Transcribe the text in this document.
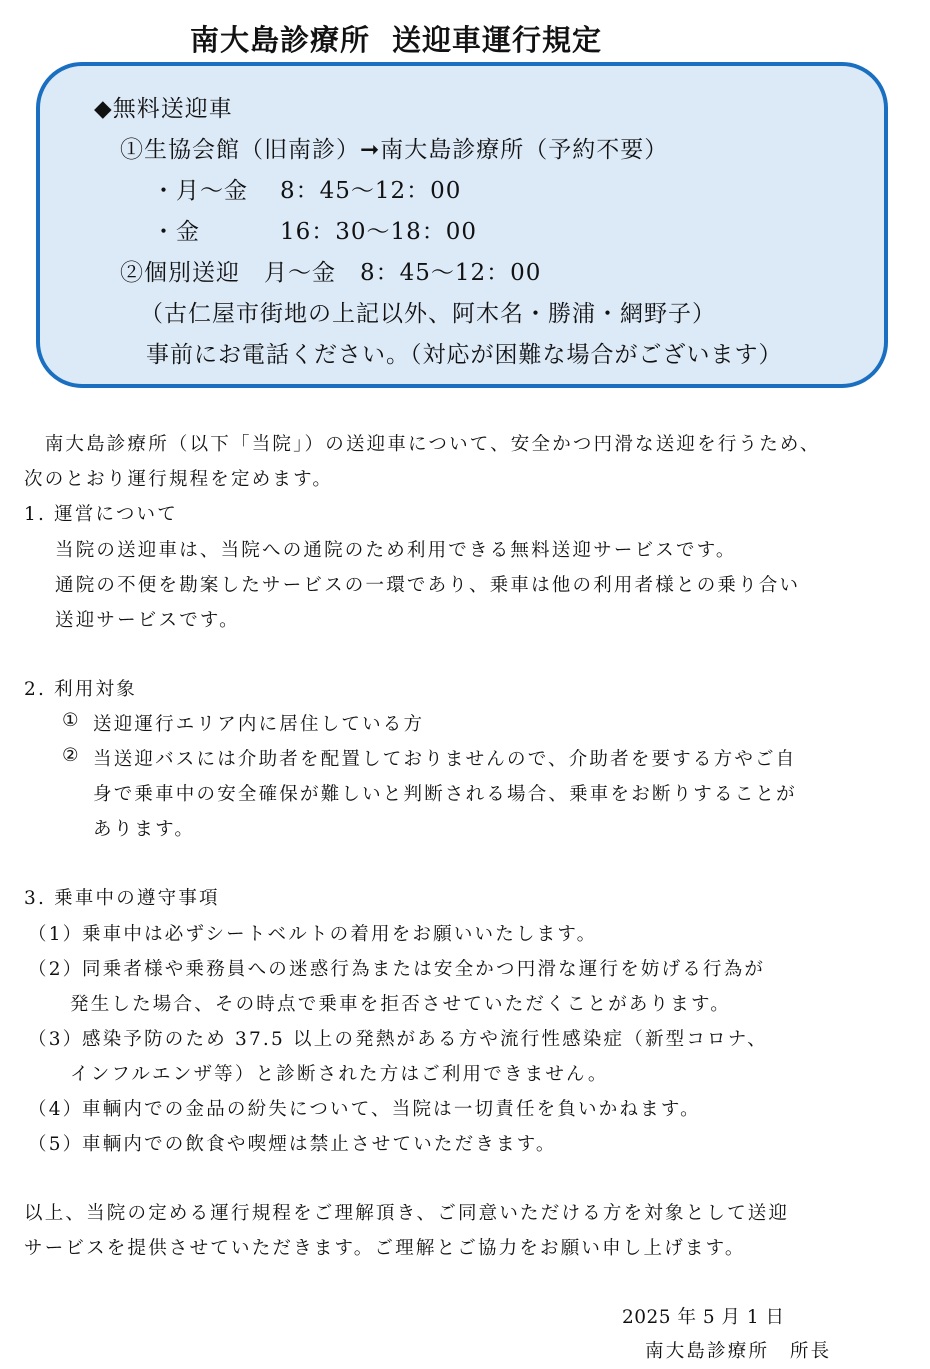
南大島診療所 送迎車運行規定
◆無料送迎車
①生協会館（旧南診）➞南大島診療所（予約不要）
・月～金 8：45～12：00
・金	16：30～18：00
②個別送迎　月～金　8：45～12：00
（古仁屋市街地の上記以外、阿木名・勝浦・網野子）
事前にお電話ください。（対応が困難な場合がございます）
　南大島診療所（以下「当院」）の送迎車について、安全かつ円滑な送迎を行うため、
次のとおり運行規程を定めます。
1. 運営について
当院の送迎車は、当院への通院のため利用できる無料送迎サービスです。
通院の不便を勘案したサービスの一環であり、乗車は他の利用者様との乗り合い
送迎サービスです。
2. 利用対象
① 送迎運行エリア内に居住している方
② 当送迎バスには介助者を配置しておりませんので、介助者を要する方やご自
身で乗車中の安全確保が難しいと判断される場合、乗車をお断りすることが
あります。
3. 乗車中の遵守事項
（1）
乗車中は必ずシートベルトの着用をお願いいたします。
（2）
同乗者様や乗務員への迷惑行為または安全かつ円滑な運行を妨げる行為が
発生した場合、その時点で乗車を拒否させていただくことがあります。
（3）
感染予防のため 37.5 以上の発熱がある方や流行性感染症（新型コロナ、
インフルエンザ等）と診断された方はご利用できません。
（4）
車輌内での金品の紛失について、当院は一切責任を負いかねます。
（5）
車輌内での飲食や喫煙は禁止させていただきます。
以上、当院の定める運行規程をご理解頂き、ご同意いただける方を対象として送迎
サービスを提供させていただきます。ご理解とご協力をお願い申し上げます。
2025 年 5 月 1 日
南大島診療所　所長
